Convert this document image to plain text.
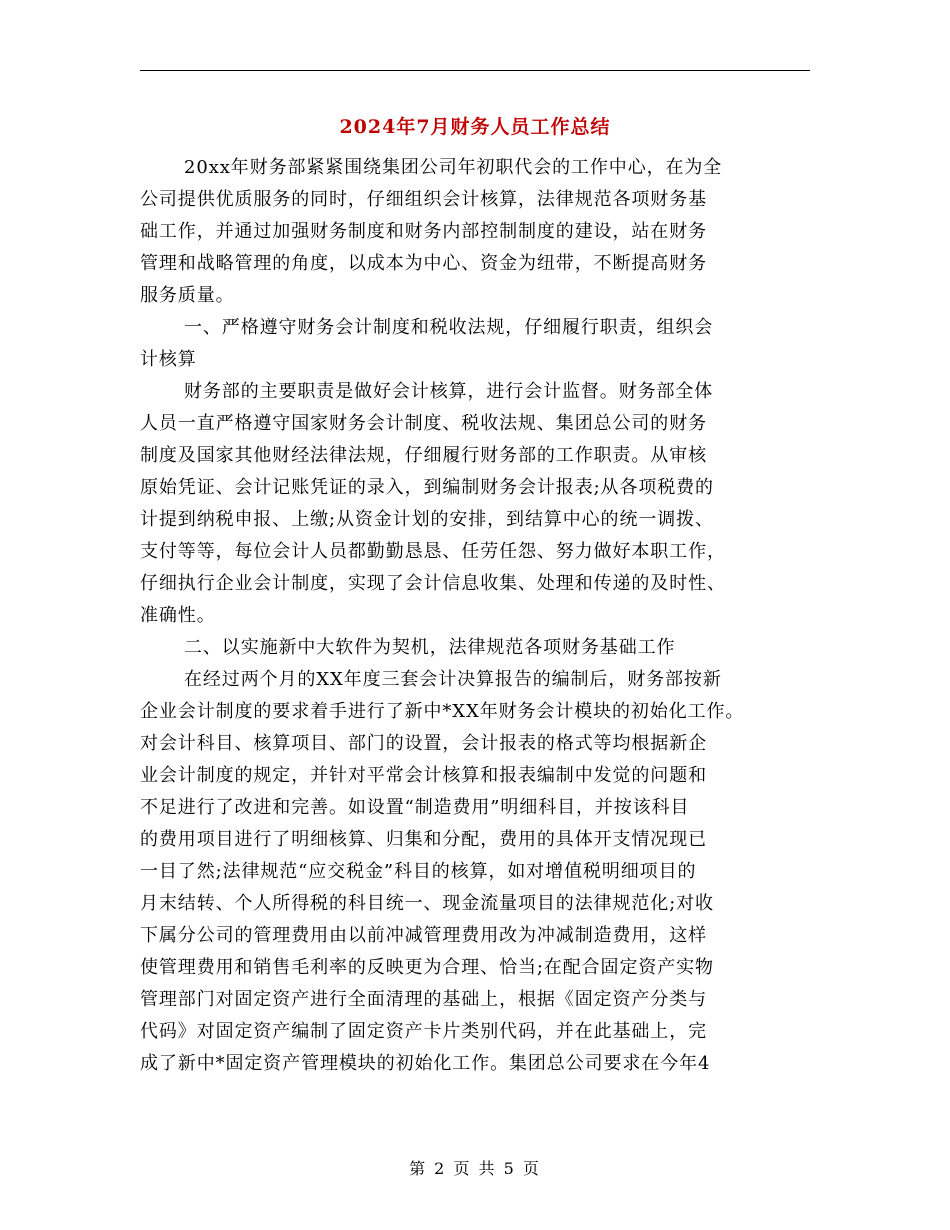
2024年7月财务人员工作总结
20xx年财务部紧紧围绕集团公司年初职代会的工作中心，在为全
公司提供优质服务的同时，仔细组织会计核算，法律规范各项财务基
础工作，并通过加强财务制度和财务内部控制制度的建设，站在财务
管理和战略管理的角度，以成本为中心、资金为纽带，不断提高财务
服务质量。
一、严格遵守财务会计制度和税收法规，仔细履行职责，组织会
计核算
财务部的主要职责是做好会计核算，进行会计监督。财务部全体
人员一直严格遵守国家财务会计制度、税收法规、集团总公司的财务
制度及国家其他财经法律法规，仔细履行财务部的工作职责。从审核
原始凭证、会计记账凭证的录入，到编制财务会计报表;从各项税费的
计提到纳税申报、上缴;从资金计划的安排，到结算中心的统一调拨、
支付等等，每位会计人员都勤勤恳恳、任劳任怨、努力做好本职工作，
仔细执行企业会计制度，实现了会计信息收集、处理和传递的及时性、
准确性。
二、以实施新中大软件为契机，法律规范各项财务基础工作
在经过两个月的XX年度三套会计决算报告的编制后，财务部按新
企业会计制度的要求着手进行了新中*XX年财务会计模块的初始化工作。
对会计科目、核算项目、部门的设置，会计报表的格式等均根据新企
业会计制度的规定，并针对平常会计核算和报表编制中发觉的问题和
不足进行了改进和完善。如设置“制造费用”明细科目，并按该科目
的费用项目进行了明细核算、归集和分配，费用的具体开支情况现已
一目了然;法律规范“应交税金”科目的核算，如对增值税明细项目的
月末结转、个人所得税的科目统一、现金流量项目的法律规范化;对收
下属分公司的管理费用由以前冲减管理费用改为冲减制造费用，这样
使管理费用和销售毛利率的反映更为合理、恰当;在配合固定资产实物
管理部门对固定资产进行全面清理的基础上，根据《固定资产分类与
代码》对固定资产编制了固定资产卡片类别代码，并在此基础上，完
成了新中*固定资产管理模块的初始化工作。集团总公司要求在今年4
第 2 页 共 5 页
